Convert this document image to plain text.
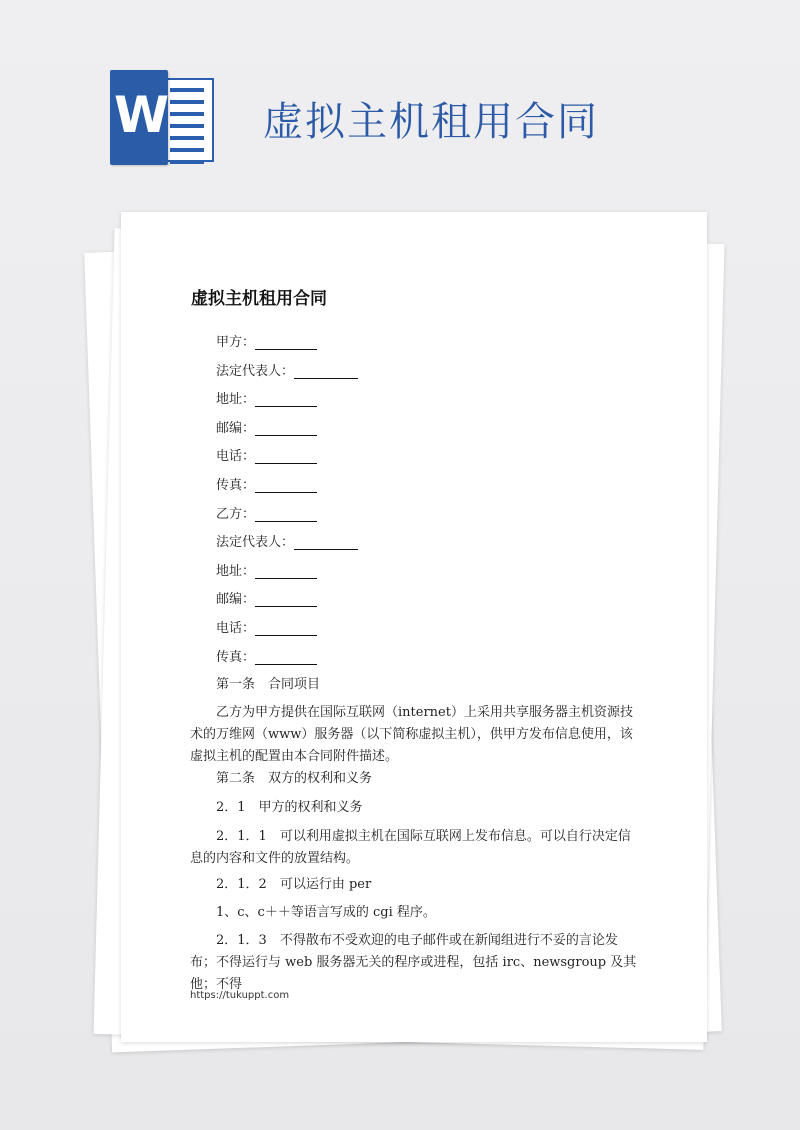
W 虚拟主机租用合同
虚拟主机租用合同
甲方：
法定代表人：
地址：
邮编：
电话：
传真：
乙方：
法定代表人：
地址：
邮编：
电话：
传真：
第一条　合同项目
乙方为甲方提供在国际互联网（internet）上采用共享服务器主机资源技术的万维网（www）服务器（以下简称虚拟主机），供甲方发布信息使用，该虚拟主机的配置由本合同附件描述。
第二条　双方的权利和义务
2．1　甲方的权利和义务
2．1．1　可以利用虚拟主机在国际互联网上发布信息。可以自行决定信息的内容和文件的放置结构。
2．1．2　可以运行由 per
1、c、c＋＋等语言写成的 cgi 程序。
2．1．3　不得散布不受欢迎的电子邮件或在新闻组进行不妥的言论发布；不得运行与 web 服务器无关的程序或进程，包括 irc、newsgroup 及其他；不得
https://tukuppt.com
